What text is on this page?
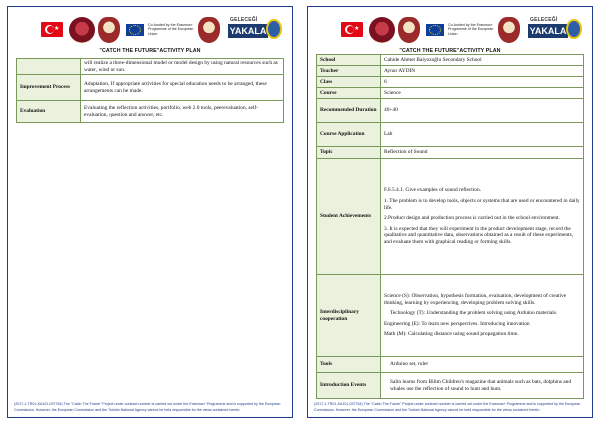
★	Co-funded by the Erasmus+ Programme of the European Union
GELECEĞİ
YAKALA
"CATCH THE FUTURE"ACTIVITY PLAN

	will realize a three-dimensional model or model design by using natural resources such as water, wind or sun.

Improvement Process	Adaptation, If appropriate activities for special education needs to be arranged, these arrangements can be made.

Evaluation	Evaluating the reflection activities, portfolio, web 2.0 tools, peerevaluation, self-evaluation, question and answer, etc.

(2017-1-TR01-KA101-037764) The "Catch The Future" Project under contract number is carried out under the Erasmus+ Programme and is supported by the European Commission. However, the European Commission and the Turkish National Agency cannot be held responsible for the views contained herein.
★	Co-funded by the Erasmus+ Programme of the European Union
GELECEĞİ
YAKALA
"CATCH THE FUTURE"ACTIVITY PLAN
School	Cahide Ahmet Balyozoğlu Secondary School

Teacher	Aynur AYDIN

Class	6

Course	Science

Recommended Duration	40+40

Course Application	Lab

Topic	Reflection of Sound

Student Achievements	F.6.5.4.1. Give examples of sound reflection.

1. The problem is to develop tools, objects or systems that are used or encountered in daily life.

2.Product design and production process is carried out in the school environment.

3. It is expected that they will experiment in the product development stage, record the qualitative and quantitative data, observations obtained as a result of these experiments, and evaluate them with graphical reading or forming skills.

Interdisciplinary cooperation	Science (S): Observation, hypothesis formation, evaluation, development of creative thinking, learning by experiencing, developing problem solving skills.

Technology (T): Understanding the problem solving using Arduino materials.

Engineering (E): To learn new perspectives. Introducing innovation

Math (M): Calculating distance using sound propagation time.

Tools	Arduino set, ruler

Introduction Events	Salin learns from Bilim Children's magazine that animals such as bats, dolphins and whales use the reflection of sound to hunt and hunt.

(2017-1-TR01-KA101-037764) The "Catch The Future" Project under contract number is carried out under the Erasmus+ Programme and is supported by the European Commission. However, the European Commission and the Turkish National Agency cannot be held responsible for the views contained herein.
